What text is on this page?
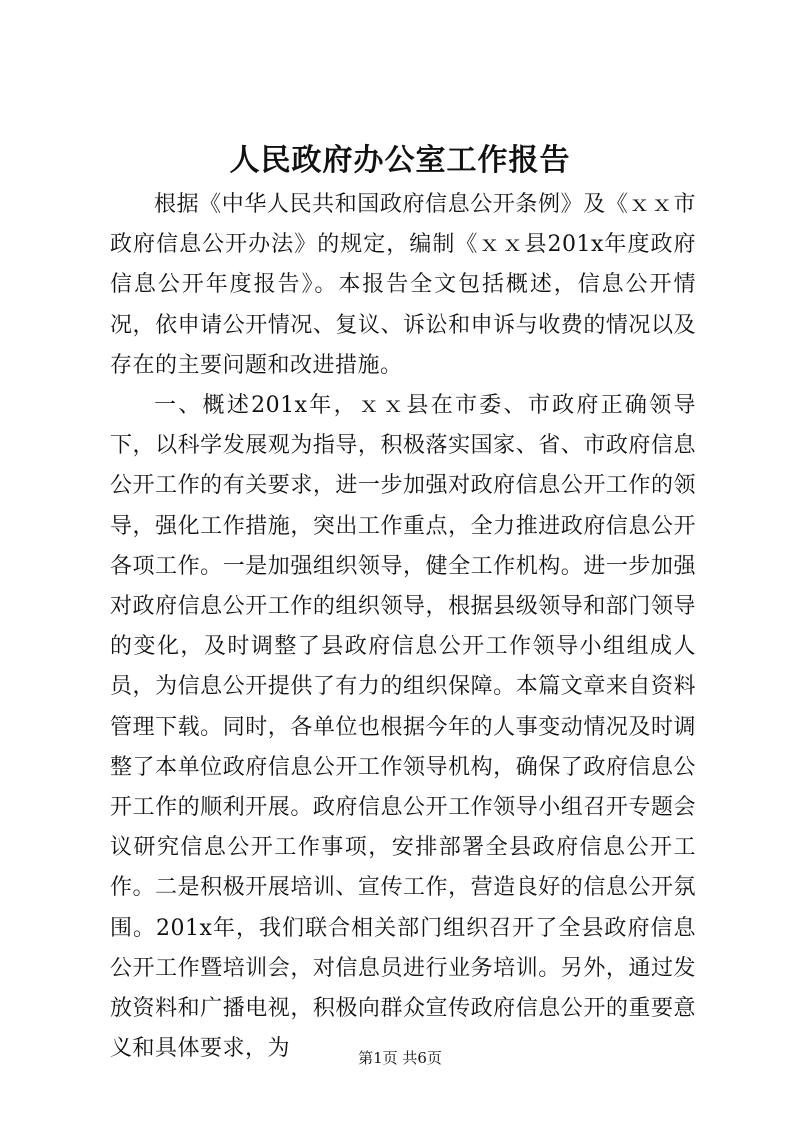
人民政府办公室工作报告

根据《中华人民共和国政府信息公开条例》及《ｘｘ市政府信息公开办法》的规定，编制《ｘｘ县201x年度政府信息公开年度报告》。本报告全文包括概述，信息公开情况，依申请公开情况、复议、诉讼和申诉与收费的情况以及存在的主要问题和改进措施。

一、概述201x年，ｘｘ县在市委、市政府正确领导下，以科学发展观为指导，积极落实国家、省、市政府信息公开工作的有关要求，进一步加强对政府信息公开工作的领导，强化工作措施，突出工作重点，全力推进政府信息公开各项工作。一是加强组织领导，健全工作机构。进一步加强对政府信息公开工作的组织领导，根据县级领导和部门领导的变化，及时调整了县政府信息公开工作领导小组组成人员，为信息公开提供了有力的组织保障。本篇文章来自资料管理下载。同时，各单位也根据今年的人事变动情况及时调整了本单位政府信息公开工作领导机构，确保了政府信息公开工作的顺利开展。政府信息公开工作领导小组召开专题会议研究信息公开工作事项，安排部署全县政府信息公开工作。二是积极开展培训、宣传工作，营造良好的信息公开氛围。201x年，我们联合相关部门组织召开了全县政府信息公开工作暨培训会，对信息员进行业务培训。另外，通过发放资料和广播电视，积极向群众宣传政府信息公开的重要意义和具体要求，为	第1页 共6页
